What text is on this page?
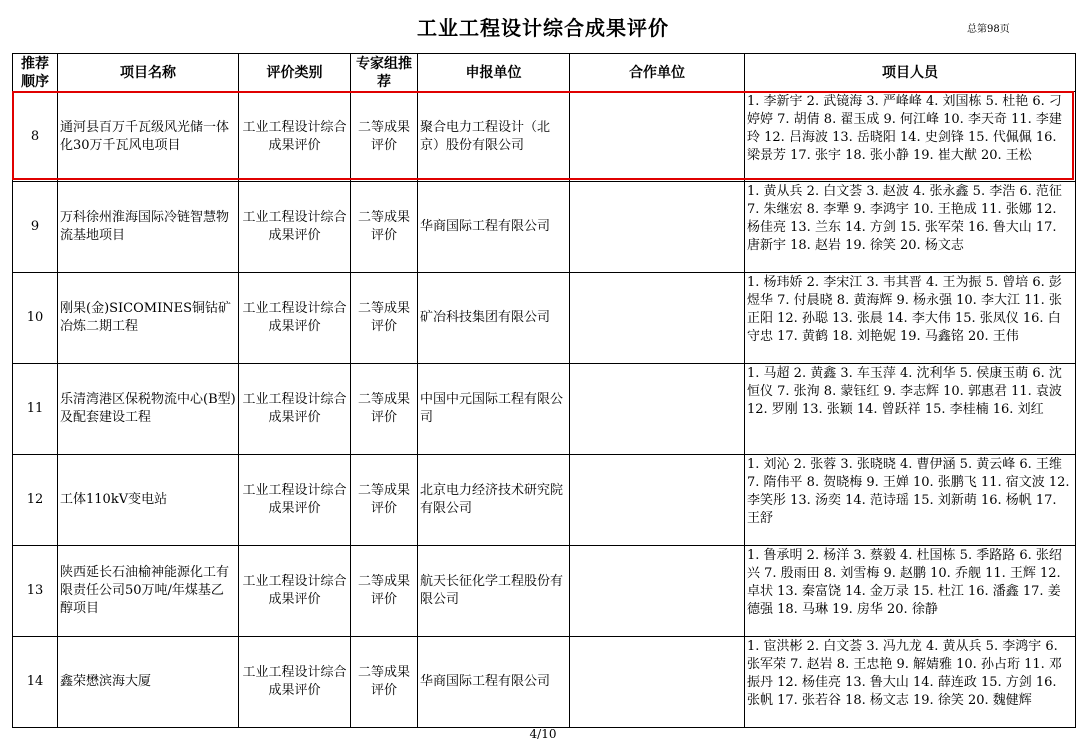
工业工程设计综合成果评价	总第98页
推荐顺序	项目名称	评价类别	专家组推荐	申报单位	合作单位	项目人员
8	通河县百万千瓦级风光储一体化30万千瓦风电项目	工业工程设计综合成果评价	二等成果评价	聚合电力工程设计（北京）股份有限公司		1. 李新宇 2. 武镜海 3. 严峰峰 4. 刘国栋 5. 杜艳 6. 刁婷婷 7. 胡倩 8. 翟玉成 9. 何江峰 10. 李天奇 11. 李建玲 12. 吕海波 13. 岳晓阳 14. 史剑锋 15. 代佩佩 16. 梁景芳 17. 张宇 18. 张小静 19. 崔大猷 20. 王松

9	万科徐州淮海国际冷链智慧物流基地项目	工业工程设计综合成果评价	二等成果评价	华商国际工程有限公司		1. 黄从兵 2. 白文荟 3. 赵波 4. 张永鑫 5. 李浩 6. 范征 7. 朱继宏 8. 李犟 9. 李鸿宇 10. 王艳成 11. 张娜 12. 杨佳亮 13. 兰东 14. 方剑 15. 张军荣 16. 鲁大山 17. 唐新宇 18. 赵岩 19. 徐笑 20. 杨文志

10	刚果(金)SICOMINES铜钴矿冶炼二期工程	工业工程设计综合成果评价	二等成果评价	矿冶科技集团有限公司		1. 杨玮娇 2. 李宋江 3. 韦其晋 4. 王为振 5. 曾培 6. 彭煜华 7. 付晨晓 8. 黄海辉 9. 杨永强 10. 李大江 11. 张正阳 12. 孙聪 13. 张晨 14. 李大伟 15. 张凤仪 16. 白守忠 17. 黄鹤 18. 刘艳妮 19. 马鑫铭 20. 王伟

11	乐清湾港区保税物流中心(B型)及配套建设工程	工业工程设计综合成果评价	二等成果评价	中国中元国际工程有限公司		1. 马超 2. 黄鑫 3. 车玉萍 4. 沈利华 5. 侯康玉萌 6. 沈恒仪 7. 张洵 8. 蒙钰红 9. 李志辉 10. 郭惠君 11. 袁波 12. 罗刚 13. 张颖 14. 曾跃祥 15. 李桂楠 16. 刘红

12	工体110kV变电站	工业工程设计综合成果评价	二等成果评价	北京电力经济技术研究院有限公司		1. 刘沁 2. 张蓉 3. 张晓晓 4. 曹伊涵 5. 黄云峰 6. 王维 7. 隋伟平 8. 贺晓梅 9. 王婵 10. 张鹏飞 11. 宿文波 12. 李笑彤 13. 汤奕 14. 范诗瑶 15. 刘新萌 16. 杨帆 17. 王舒

13	陕西延长石油榆神能源化工有限责任公司50万吨/年煤基乙醇项目	工业工程设计综合成果评价	二等成果评价	航天长征化学工程股份有限公司		1. 鲁承明 2. 杨洋 3. 蔡毅 4. 杜国栋 5. 季路路 6. 张绍兴 7. 殷雨田 8. 刘雪梅 9. 赵鹏 10. 乔舰 11. 王辉 12. 卓状 13. 秦富饶 14. 金万录 15. 杜江 16. 潘鑫 17. 姜德强 18. 马琳 19. 房华 20. 徐静

14	鑫荣懋滨海大厦	工业工程设计综合成果评价	二等成果评价	华商国际工程有限公司		1. 宦洪彬 2. 白文荟 3. 冯九龙 4. 黄从兵 5. 李鸿宇 6. 张军荣 7. 赵岩 8. 王忠艳 9. 解婧雅 10. 孙占珩 11. 邓振丹 12. 杨佳亮 13. 鲁大山 14. 薛连政 15. 方剑 16. 张帆 17. 张若谷 18. 杨文志 19. 徐笑 20. 魏健辉
4/10
